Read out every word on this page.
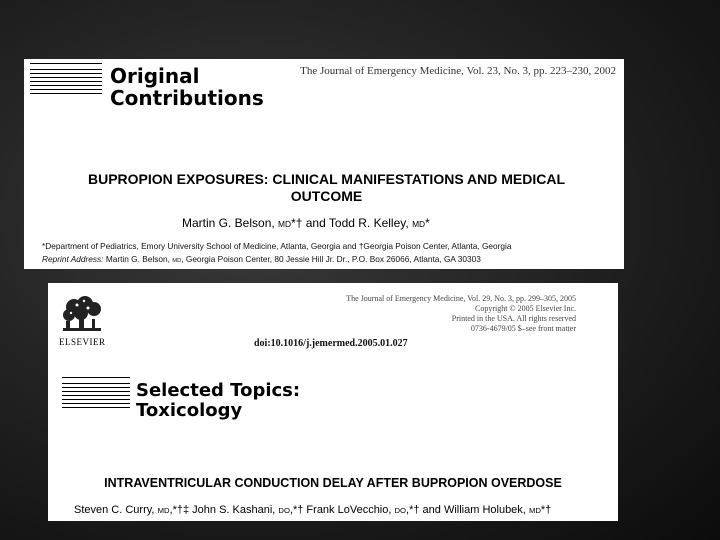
Original
Contributions
The Journal of Emergency Medicine, Vol. 23, No. 3, pp. 223–230, 2002
BUPROPION EXPOSURES: CLINICAL MANIFESTATIONS AND MEDICAL
OUTCOME
Martin G. Belson, MD*† and Todd R. Kelley, MD*
*Department of Pediatrics, Emory University School of Medicine, Atlanta, Georgia and †Georgia Poison Center, Atlanta, Georgia
Reprint Address: Martin G. Belson, MD, Georgia Poison Center, 80 Jessie Hill Jr. Dr., P.O. Box 26066, Atlanta, GA 30303
ELSEVIER
The Journal of Emergency Medicine, Vol. 29, No. 3, pp. 299–305, 2005
Copyright © 2005 Elsevier Inc.
Printed in the USA. All rights reserved
0736-4679/05 $–see front matter
doi:10.1016/j.jemermed.2005.01.027
Selected Topics:
Toxicology
INTRAVENTRICULAR CONDUCTION DELAY AFTER BUPROPION OVERDOSE
Steven C. Curry, MD,*†‡ John S. Kashani, DO,*† Frank LoVecchio, DO,*† and William Holubek, MD*†
